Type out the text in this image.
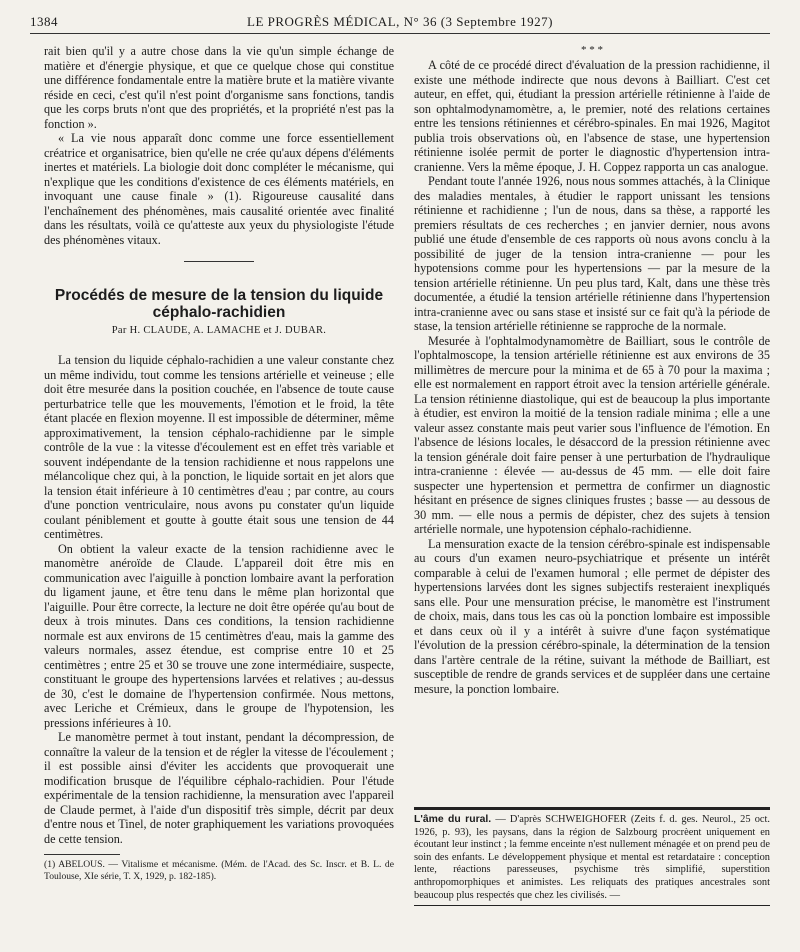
1384	LE PROGRÈS MÉDICAL, N° 36 (3 Septembre 1927)

rait bien qu'il y a autre chose dans la vie qu'un simple échange de matière et d'énergie physique, et que ce quelque chose qui constitue une différence fondamentale entre la matière brute et la matière vivante réside en ceci, c'est qu'il n'est point d'organisme sans fonctions, tandis que les corps bruts n'ont que des propriétés, et la propriété n'est pas la fonction ».

« La vie nous apparaît donc comme une force essentiellement créatrice et organisatrice, bien qu'elle ne crée qu'aux dépens d'éléments inertes et matériels. La biologie doit donc compléter le mécanisme, qui n'explique que les conditions d'existence de ces éléments matériels, en invoquant une cause finale » (1). Rigoureuse causalité dans l'enchaînement des phénomènes, mais causalité orientée avec finalité dans les résultats, voilà ce qu'atteste aux yeux du physiologiste l'étude des phénomènes vitaux.

Procédés de mesure de la tension du liquide céphalo-rachidien
Par H. CLAUDE, A. LAMACHE et J. DUBAR.

La tension du liquide céphalo-rachidien a une valeur constante chez un même individu, tout comme les tensions artérielle et veineuse ; elle doit être mesurée dans la position couchée, en l'absence de toute cause perturbatrice telle que les mouvements, l'émotion et le froid, la tête étant placée en flexion moyenne. Il est impossible de déterminer, même approximativement, la tension céphalo-rachidienne par le simple contrôle de la vue : la vitesse d'écoulement est en effet très variable et souvent indépendante de la tension rachidienne et nous rappelons une mélancolique chez qui, à la ponction, le liquide sortait en jet alors que la tension était inférieure à 10 centimètres d'eau ; par contre, au cours d'une ponction ventriculaire, nous avons pu constater qu'un liquide coulant péniblement et goutte à goutte était sous une tension de 44 centimètres.

On obtient la valeur exacte de la tension rachidienne avec le manomètre anéroïde de Claude. L'appareil doit être mis en communication avec l'aiguille à ponction lombaire avant la perforation du ligament jaune, et être tenu dans le même plan horizontal que l'aiguille. Pour être correcte, la lecture ne doit être opérée qu'au bout de deux à trois minutes. Dans ces conditions, la tension rachidienne normale est aux environs de 15 centimètres d'eau, mais la gamme des valeurs normales, assez étendue, est comprise entre 10 et 25 centimètres ; entre 25 et 30 se trouve une zone intermédiaire, suspecte, constituant le groupe des hypertensions larvées et relatives ; au-dessus de 30, c'est le domaine de l'hypertension confirmée. Nous mettons, avec Leriche et Crémieux, dans le groupe de l'hypotension, les pressions inférieures à 10.

Le manomètre permet à tout instant, pendant la décompression, de connaître la valeur de la tension et de régler la vitesse de l'écoulement ; il est possible ainsi d'éviter les accidents que provoquerait une modification brusque de l'équilibre céphalo-rachidien. Pour l'étude expérimentale de la tension rachidienne, la mensuration avec l'appareil de Claude permet, à l'aide d'un dispositif très simple, décrit par deux d'entre nous et Tinel, de noter graphiquement les variations provoquées de cette tension.

(1) ABELOUS. — Vitalisme et mécanisme. (Mém. de l'Acad. des Sc. Inscr. et B. L. de Toulouse, XIe série, T. X, 1929, p. 182-185).
* * *

A côté de ce procédé direct d'évaluation de la pression rachidienne, il existe une méthode indirecte que nous devons à Bailliart. C'est cet auteur, en effet, qui, étudiant la pression artérielle rétinienne à l'aide de son ophtalmodynamomètre, a, le premier, noté des relations certaines entre les tensions rétiniennes et cérébro-spinales. En mai 1926, Magitot publia trois observations où, en l'absence de stase, une hypertension rétinienne isolée permit de porter le diagnostic d'hypertension intra-cranienne. Vers la même époque, J. H. Coppez rapporta un cas analogue.

Pendant toute l'année 1926, nous nous sommes attachés, à la Clinique des maladies mentales, à étudier le rapport unissant les tensions rétinienne et rachidienne ; l'un de nous, dans sa thèse, a rapporté les premiers résultats de ces recherches ; en janvier dernier, nous avons publié une étude d'ensemble de ces rapports où nous avons conclu à la possibilité de juger de la tension intra-cranienne — pour les hypotensions comme pour les hypertensions — par la mesure de la tension artérielle rétinienne. Un peu plus tard, Kalt, dans une thèse très documentée, a étudié la tension artérielle rétinienne dans l'hypertension intra-cranienne avec ou sans stase et insisté sur ce fait qu'à la période de stase, la tension artérielle rétinienne se rapproche de la normale.

Mesurée à l'ophtalmodynamomètre de Bailliart, sous le contrôle de l'ophtalmoscope, la tension artérielle rétinienne est aux environs de 35 millimètres de mercure pour la minima et de 65 à 70 pour la maxima ; elle est normalement en rapport étroit avec la tension artérielle générale. La tension rétinienne diastolique, qui est de beaucoup la plus importante à étudier, est environ la moitié de la tension radiale minima ; elle a une valeur assez constante mais peut varier sous l'influence de l'émotion. En l'absence de lésions locales, le désaccord de la pression rétinienne avec la tension générale doit faire penser à une perturbation de l'hydraulique intra-cranienne : élevée — au-dessus de 45 mm. — elle doit faire suspecter une hypertension et permettra de confirmer un diagnostic hésitant en présence de signes cliniques frustes ; basse — au dessous de 30 mm. — elle nous a permis de dépister, chez des sujets à tension artérielle normale, une hypotension céphalo-rachidienne.

La mensuration exacte de la tension cérébro-spinale est indispensable au cours d'un examen neuro-psychiatrique et présente un intérêt comparable à celui de l'examen humoral ; elle permet de dépister des hypertensions larvées dont les signes subjectifs resteraient inexpliqués sans elle. Pour une mensuration précise, le manomètre est l'instrument de choix, mais, dans tous les cas où la ponction lombaire est impossible et dans ceux où il y a intérêt à suivre d'une façon systématique l'évolution de la pression cérébro-spinale, la détermination de la tension dans l'artère centrale de la rétine, suivant la méthode de Bailliart, est susceptible de rendre de grands services et de suppléer dans une certaine mesure, la ponction lombaire.

L'âme du rural. — D'après SCHWEIGHOFER (Zeits f. d. ges. Neurol., 25 oct. 1926, p. 93), les paysans, dans la région de Salzbourg procrèent uniquement en écoutant leur instinct ; la femme enceinte n'est nullement ménagée et on prend peu de soin des enfants. Le développement physique et mental est retardataire : conception lente, réactions paresseuses, psychisme très simplifié, superstition anthropomorphiques et animistes. Les reliquats des pratiques ancestrales sont beaucoup plus respectés que chez les civilisés. —
